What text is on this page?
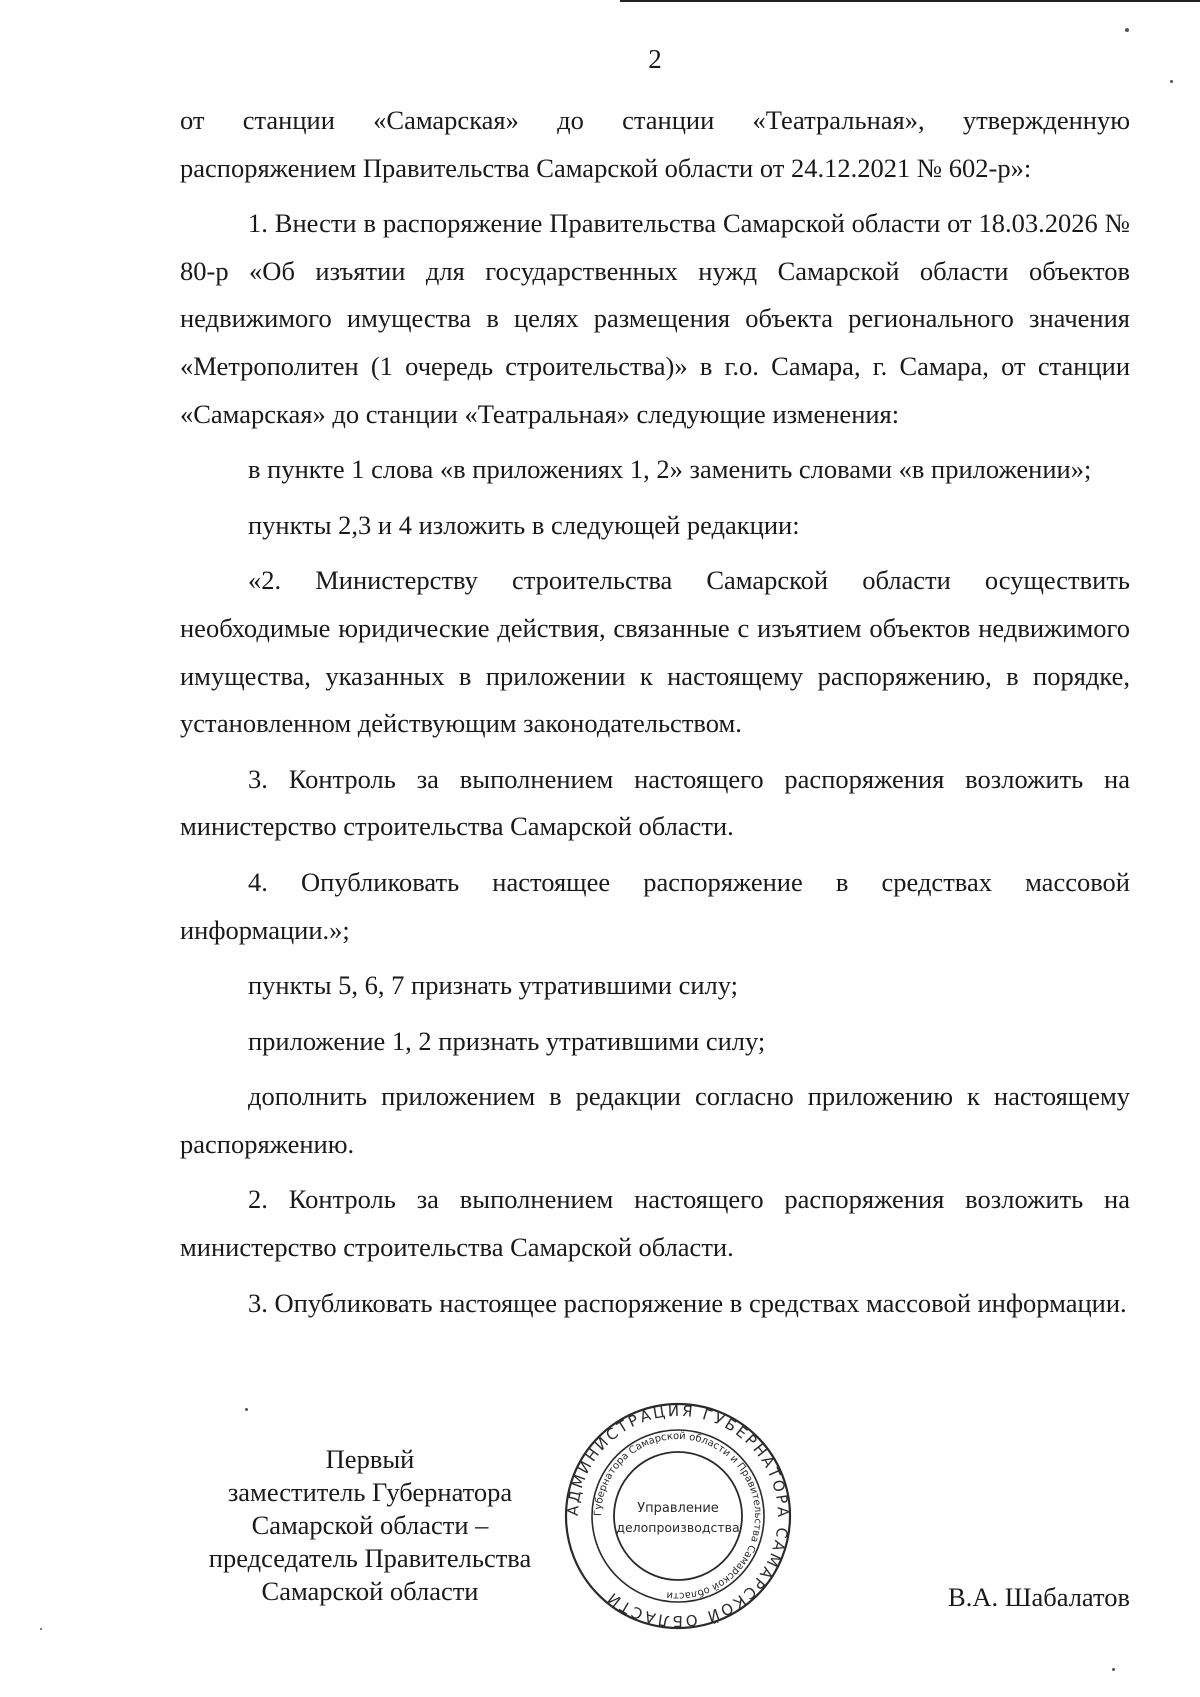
2

от станции «Самарская» до станции «Театральная», утвержденную

распоряжением Правительства Самарской области от 24.12.2021 № 602-р»:

1. Внести в распоряжение Правительства Самарской области от 18.03.2026 № 80-р «Об изъятии для государственных нужд Самарской области объектов недвижимого имущества в целях размещения объекта регионального значения «Метрополитен (1 очередь строительства)» в г.о. Самара, г. Самара, от станции «Самарская» до станции «Театральная» следующие изменения:

в пункте 1 слова «в приложениях 1, 2» заменить словами «в приложении»;

пункты 2,3 и 4 изложить в следующей редакции:

«2. Министерству строительства Самарской области осуществить необходимые юридические действия, связанные с изъятием объектов недвижимого имущества, указанных в приложении к настоящему распоряжению, в порядке, установленном действующим законодательством.

3. Контроль за выполнением настоящего распоряжения возложить на министерство строительства Самарской области.

4. Опубликовать настоящее распоряжение в средствах массовой информации.»;

пункты 5, 6, 7 признать утратившими силу;

приложение 1, 2 признать утратившими силу;

дополнить приложением в редакции согласно приложению к настоящему распоряжению.

2. Контроль за выполнением настоящего распоряжения возложить на министерство строительства Самарской области.

3. Опубликовать настоящее распоряжение в средствах массовой информации.

Первый
заместитель Губернатора
Самарской области –
председатель Правительства
Самарской области
АДМИНИСТРАЦИЯ ГУБЕРНАТОРА САМАРСКОЙ ОБЛАСТИ
Губернатора Самарской области и Правительства Самарской области
Управление
делопроизводства
В.А. Шабалатов
